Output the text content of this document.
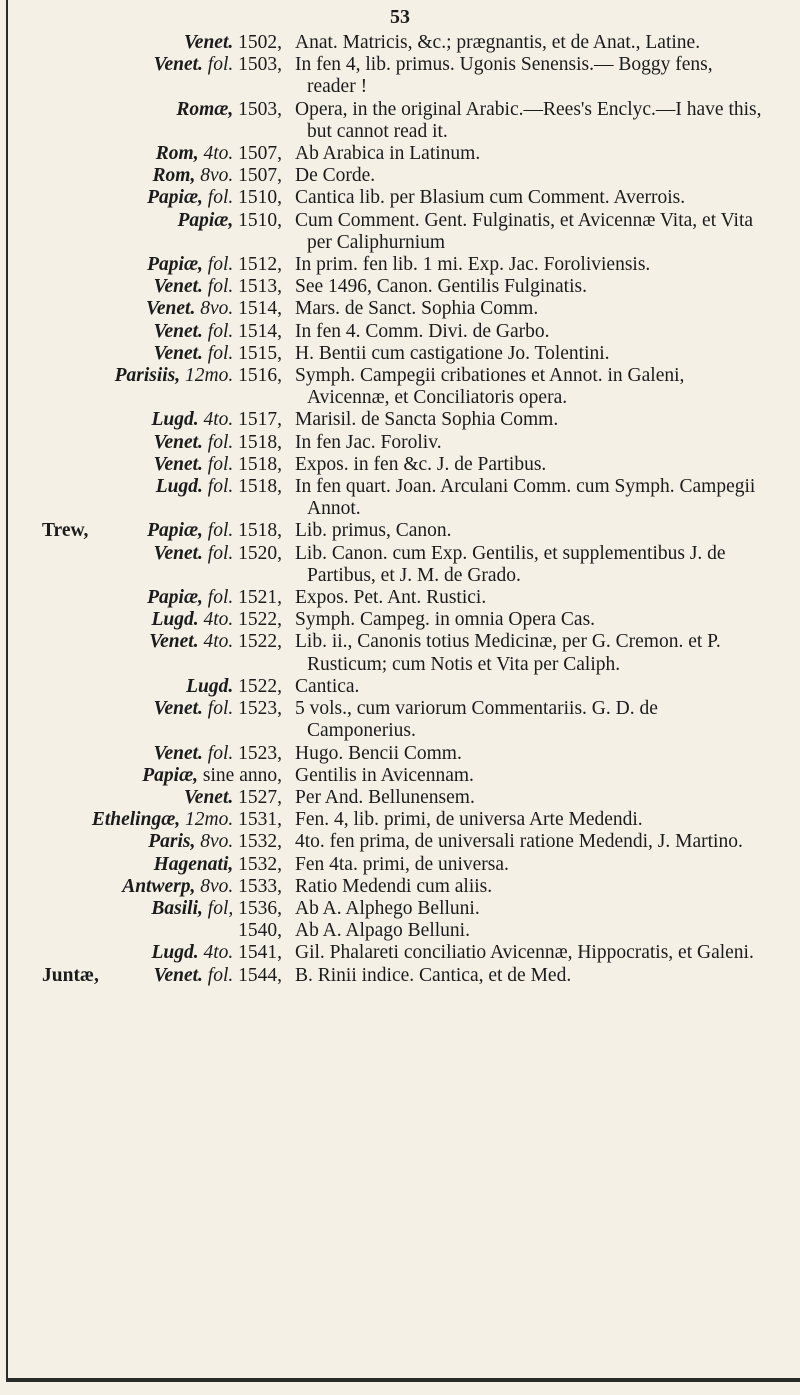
53
Venet. 1502, Anat. Matricis, &c.; prægnantis, et de Anat., Latine.
Venet. fol. 1503, In fen 4, lib. primus. Ugonis Senensis.— Boggy fens, reader !
Romæ, 1503, Opera, in the original Arabic.—Rees's Enclyc.—I have this, but cannot read it.
Rom, 4to. 1507, Ab Arabica in Latinum.
Rom, 8vo. 1507, De Corde.
Papiæ, fol. 1510, Cantica lib. per Blasium cum Comment. Averrois.
Papiæ, 1510, Cum Comment. Gent. Fulginatis, et Avicennæ Vita, et Vita per Caliphurnium
Papiæ, fol. 1512, In prim. fen lib. 1 mi. Exp. Jac. Foroliviensis.
Venet. fol. 1513, See 1496, Canon. Gentilis Fulginatis.
Venet. 8vo. 1514, Mars. de Sanct. Sophia Comm.
Venet. fol. 1514, In fen 4. Comm. Divi. de Garbo.
Venet. fol. 1515, H. Bentii cum castigatione Jo. Tolentini.
Parisiis, 12mo. 1516, Symph. Campegii cribationes et Annot. in Galeni, Avicennæ, et Conciliatoris opera.
Lugd. 4to. 1517, Marisil. de Sancta Sophia Comm.
Venet. fol. 1518, In fen Jac. Foroliv.
Venet. fol. 1518, Expos. in fen &c. J. de Partibus.
Lugd. fol. 1518, In fen quart. Joan. Arculani Comm. cum Symph. Campegii Annot.
Trew,	Papiæ, fol. 1518, Lib. primus, Canon.
Venet. fol. 1520, Lib. Canon. cum Exp. Gentilis, et supplementibus J. de Partibus, et J. M. de Grado.
Papiæ, fol. 1521, Expos. Pet. Ant. Rustici.
Lugd. 4to. 1522, Symph. Campeg. in omnia Opera Cas.
Venet. 4to. 1522, Lib. ii., Canonis totius Medicinæ, per G. Cremon. et P. Rusticum; cum Notis et Vita per Caliph.
Lugd. 1522, Cantica.
Venet. fol. 1523, 5 vols., cum variorum Commentariis. G. D. de Camponerius.
Venet. fol. 1523, Hugo. Bencii Comm.
Papiæ, sine anno, Gentilis in Avicennam.
Venet. 1527, Per And. Bellunensem.
Ethelingæ, 12mo. 1531, Fen. 4, lib. primi, de universa Arte Medendi.
Paris, 8vo. 1532, 4to. fen prima, de universali ratione Medendi, J. Martino.
Hagenati, 1532, Fen 4ta. primi, de universa.
Antwerp, 8vo. 1533, Ratio Medendi cum aliis.
Basili, fol, 1536, Ab A. Alphego Belluni.
1540, Ab A. Alpago Belluni.
Lugd. 4to. 1541, Gil. Phalareti conciliatio Avicennæ, Hippocratis, et Galeni.
Juntæ,	Venet. fol. 1544, B. Rinii indice. Cantica, et de Med.
